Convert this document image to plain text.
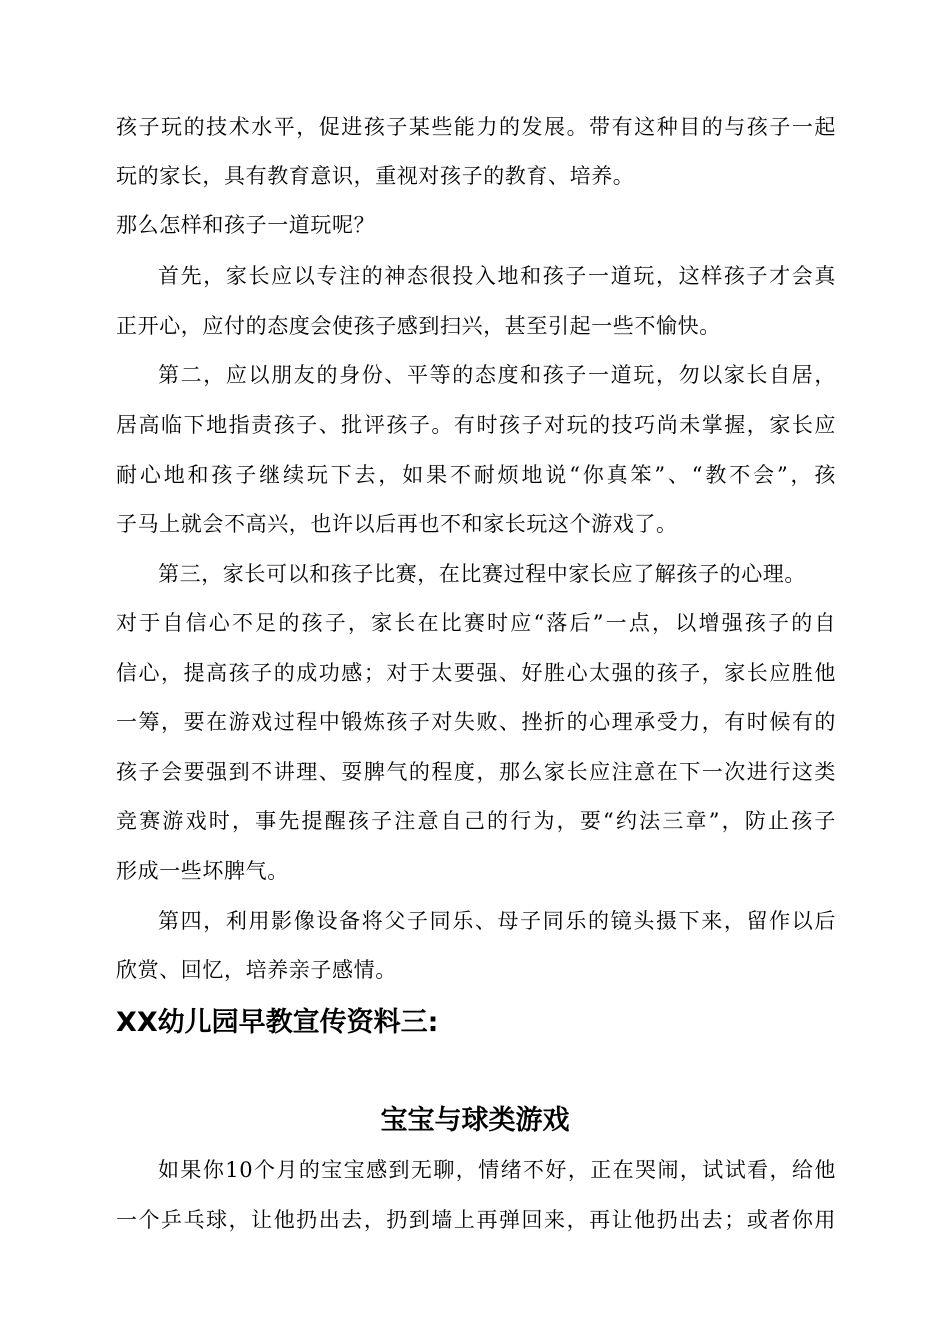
孩子玩的技术水平，促进孩子某些能力的发展。带有这种目的与孩子一起
玩的家长，具有教育意识，重视对孩子的教育、培养。
那么怎样和孩子一道玩呢？
首先，家长应以专注的神态很投入地和孩子一道玩，这样孩子才会真
正开心，应付的态度会使孩子感到扫兴，甚至引起一些不愉快。
第二，应以朋友的身份、平等的态度和孩子一道玩，勿以家长自居，
居高临下地指责孩子、批评孩子。有时孩子对玩的技巧尚未掌握，家长应
耐心地和孩子继续玩下去，如果不耐烦地说“你真笨”、“教不会”，孩
子马上就会不高兴，也许以后再也不和家长玩这个游戏了。
第三，家长可以和孩子比赛，在比赛过程中家长应了解孩子的心理。
对于自信心不足的孩子，家长在比赛时应“落后”一点，以增强孩子的自
信心，提高孩子的成功感；对于太要强、好胜心太强的孩子，家长应胜他
一筹，要在游戏过程中锻炼孩子对失败、挫折的心理承受力，有时候有的
孩子会要强到不讲理、耍脾气的程度，那么家长应注意在下一次进行这类
竞赛游戏时，事先提醒孩子注意自己的行为，要“约法三章”，防止孩子
形成一些坏脾气。
第四，利用影像设备将父子同乐、母子同乐的镜头摄下来，留作以后
欣赏、回忆，培养亲子感情。
XX幼儿园早教宣传资料三:
宝宝与球类游戏
如果你10个月的宝宝感到无聊，情绪不好，正在哭闹，试试看，给他
一个乒乓球，让他扔出去，扔到墙上再弹回来，再让他扔出去；或者你用
